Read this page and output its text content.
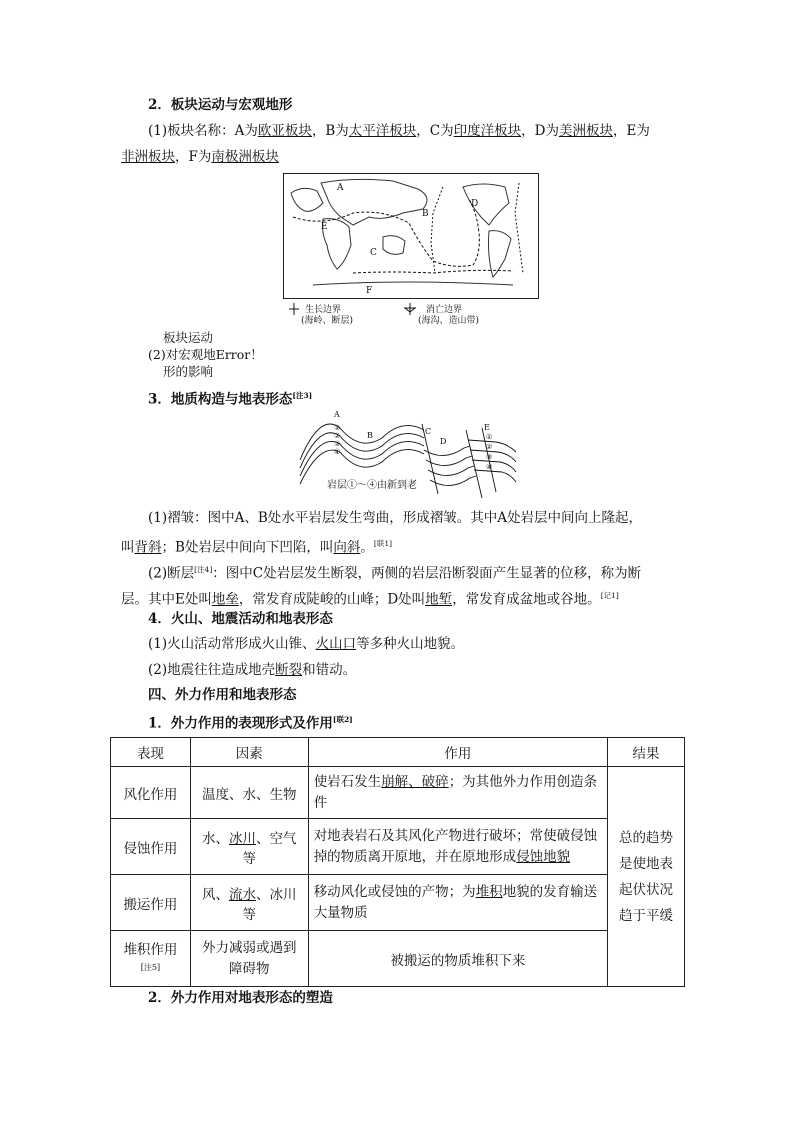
2．板块运动与宏观地形
(1)板块名称：A为欧亚板块，B为太平洋板块，C为印度洋板块，D为美洲板块，E为
非洲板块，F为南极洲板块
A
B
C
D
E
F
生长边界
(海岭、断层)
消亡边界
(海沟、造山带)
板块运动
(2)对宏观地Error！
形的影响
3．地质构造与地表形态[注3]
A
B	C
D
E
①
②
③
④
①
②
③
④
岩层①～④由新到老
(1)褶皱：图中A、B处水平岩层发生弯曲，形成褶皱。其中A处岩层中间向上隆起，
叫背斜；B处岩层中间向下凹陷，叫向斜。[联1]
(2)断层[注4]：图中C处岩层发生断裂，两侧的岩层沿断裂面产生显著的位移，称为断
层。其中E处叫地垒，常发育成陡峻的山峰；D处叫地堑，常发育成盆地或谷地。[记1]
4．火山、地震活动和地表形态
(1)火山活动常形成火山锥、火山口等多种火山地貌。
(2)地震往往造成地壳断裂和错动。
四、外力作用和地表形态
1．外力作用的表现形式及作用[联2]
表现	因素	作用	结果
风化作用	温度、水、生物	使岩石发生崩解、破碎；为其他外力作用创造条件	总的趋势是使地表起伏状况趋于平缓
侵蚀作用	水、冰川、空气等	对地表岩石及其风化产物进行破坏；常使破侵蚀掉的物质离开原地，并在原地形成侵蚀地貌	
搬运作用	风、流水、冰川等	移动风化或侵蚀的产物；为堆积地貌的发育输送大量物质	

堆积作用
[注5]	外力减弱或遇到障碍物	被搬运的物质堆积下来	
2．外力作用对地表形态的塑造
